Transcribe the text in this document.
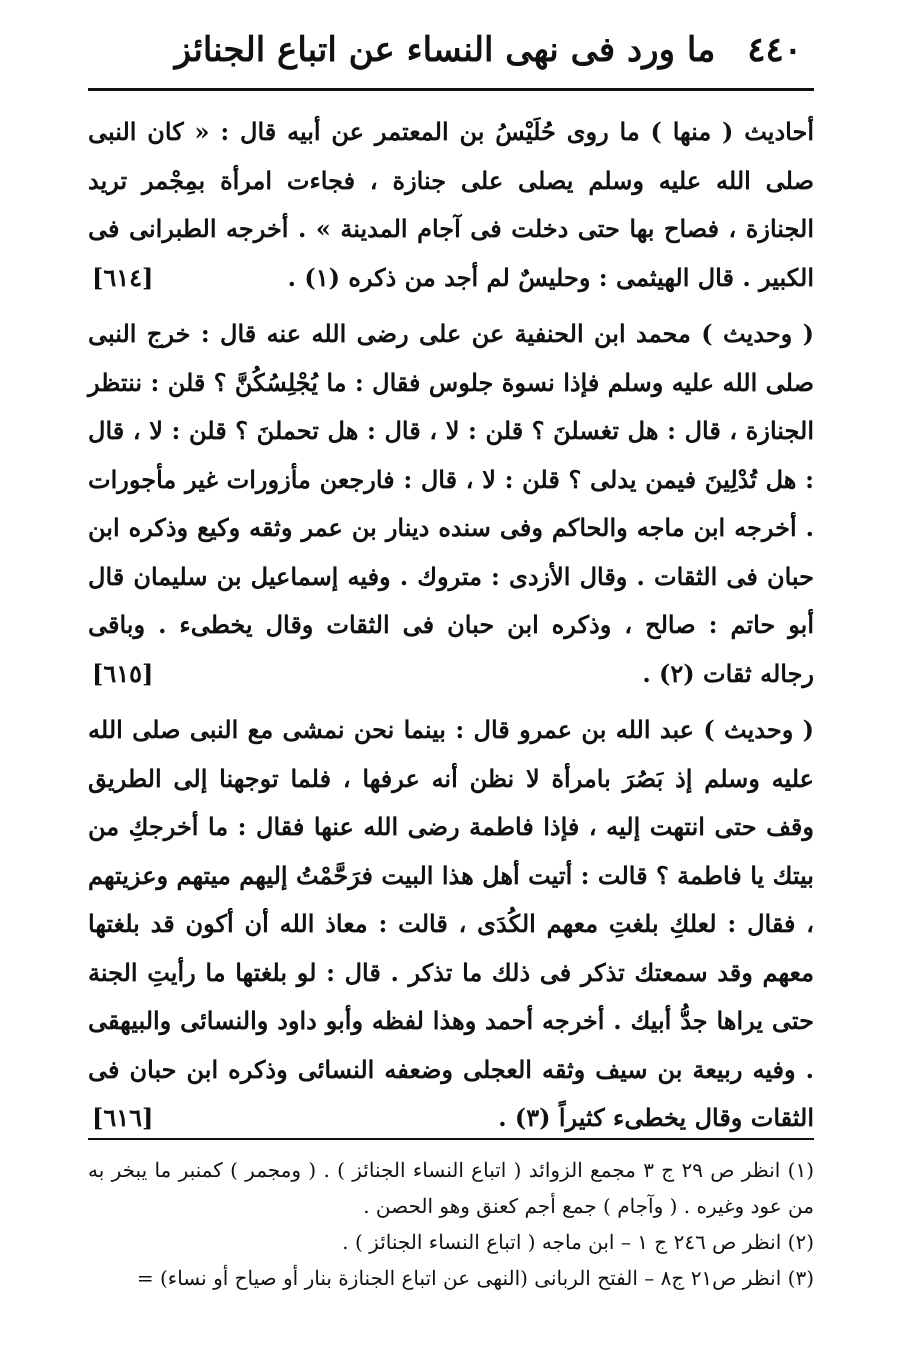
٤٤٠
ما ورد فى نهى النساء عن اتباع الجنائز

أحاديث ( منها ) ما روى حُلَيْسُ بن المعتمر عن أبيه قال : « كان النبى صلى الله عليه وسلم يصلى على جنازة ، فجاءت امرأة بمِجْمر تريد الجنازة ، فصاح بها حتى دخلت فى آجام المدينة » . أخرجه الطبرانى فى الكبير . قال الهيثمى : وحليسٌ لم أجد من ذكره (١) .
[٦١٤]

( وحديث ) محمد ابن الحنفية عن على رضى الله عنه قال : خرج النبى صلى الله عليه وسلم فإذا نسوة جلوس فقال : ما يُجْلِسُكُنَّ ؟ قلن : ننتظر الجنازة ، قال : هل تغسلنَ ؟ قلن : لا ، قال : هل تحملنَ ؟ قلن : لا ، قال : هل تُدْلِينَ فيمن يدلى ؟ قلن : لا ، قال : فارجعن مأزورات غير مأجورات . أخرجه ابن ماجه والحاكم وفى سنده دينار بن عمر وثقه وكيع وذكره ابن حبان فى الثقات . وقال الأزدى : متروك . وفيه إسماعيل بن سليمان قال أبو حاتم : صالح ، وذكره ابن حبان فى الثقات وقال يخطىء . وباقى رجاله ثقات (٢) .
[٦١٥]

( وحديث ) عبد الله بن عمرو قال : بينما نحن نمشى مع النبى صلى الله عليه وسلم إذ بَصُرَ بامرأة لا نظن أنه عرفها ، فلما توجهنا إلى الطريق وقف حتى انتهت إليه ، فإذا فاطمة رضى الله عنها فقال : ما أخرجكِ من بيتك يا فاطمة ؟ قالت : أتيت أهل هذا البيت فرَحَّمْتُ إليهم ميتهم وعزيتهم ، فقال : لعلكِ بلغتِ معهم الكُدَى ، قالت : معاذ الله أن أكون قد بلغتها معهم وقد سمعتك تذكر فى ذلك ما تذكر . قال : لو بلغتها ما رأيتِ الجنة حتى يراها جدُّ أبيك . أخرجه أحمد وهذا لفظه وأبو داود والنسائى والبيهقى . وفيه ربيعة بن سيف وثقه العجلى وضعفه النسائى وذكره ابن حبان فى الثقات وقال يخطىء كثيراً (٣) .
[٦١٦]

(١) انظر ص ٢٩ ج ٣ مجمع الزوائد ( اتباع النساء الجنائز ) . ( ومجمر ) كمنبر ما يبخر به من عود وغيره . ( وآجام ) جمع أجم كعنق وهو الحصن .

(٢) انظر ص ٢٤٦ ج ١ – ابن ماجه ( اتباع النساء الجنائز ) .

(٣) انظر ص٢١ ج٨ – الفتح الربانى (النهى عن اتباع الجنازة بنار أو صياح أو نساء) =
